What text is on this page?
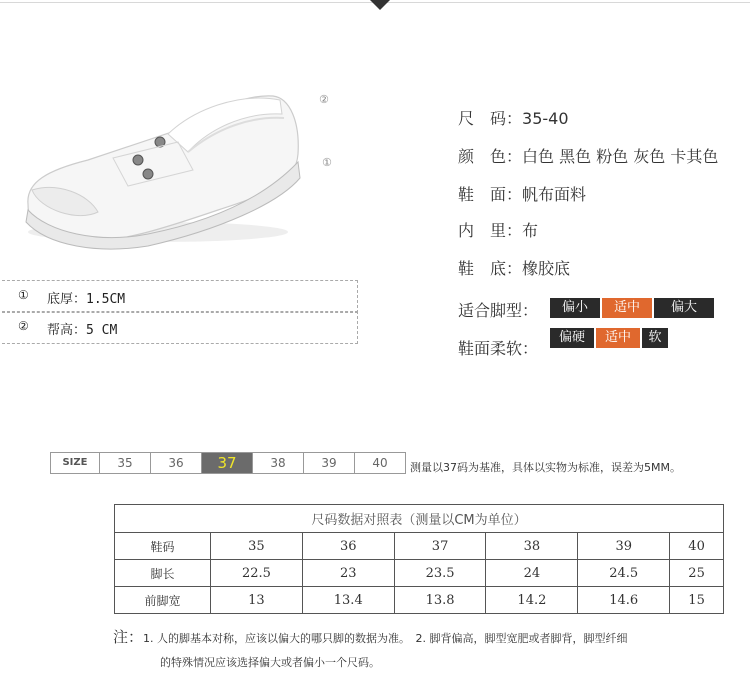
②
①
尺　码：35-40
颜　色：白色 黑色 粉色 灰色 卡其色
鞋　面：帆布面料
内　里：布
鞋　底：橡胶底
适合脚型：	偏小	适中	偏大
鞋面柔软：
偏硬	适中	软
① 底厚：1.5CM
② 帮高：5 CM
SIZE	35	36	37	38	39	40	测量以37码为基准，具体以实物为标准，误差为5MM。
尺码数据对照表（测量以CM为单位）						
鞋码	35	36	37	38	39	40
脚长	22.5	23	23.5	24	24.5	25
前脚宽	13	13.4	13.8	14.2	14.6	15
注：1. 人的脚基本对称，应该以偏大的哪只脚的数据为准。　2. 脚背偏高，脚型宽肥或者脚背，脚型纤细
的特殊情况应该选择偏大或者偏小一个尺码。
